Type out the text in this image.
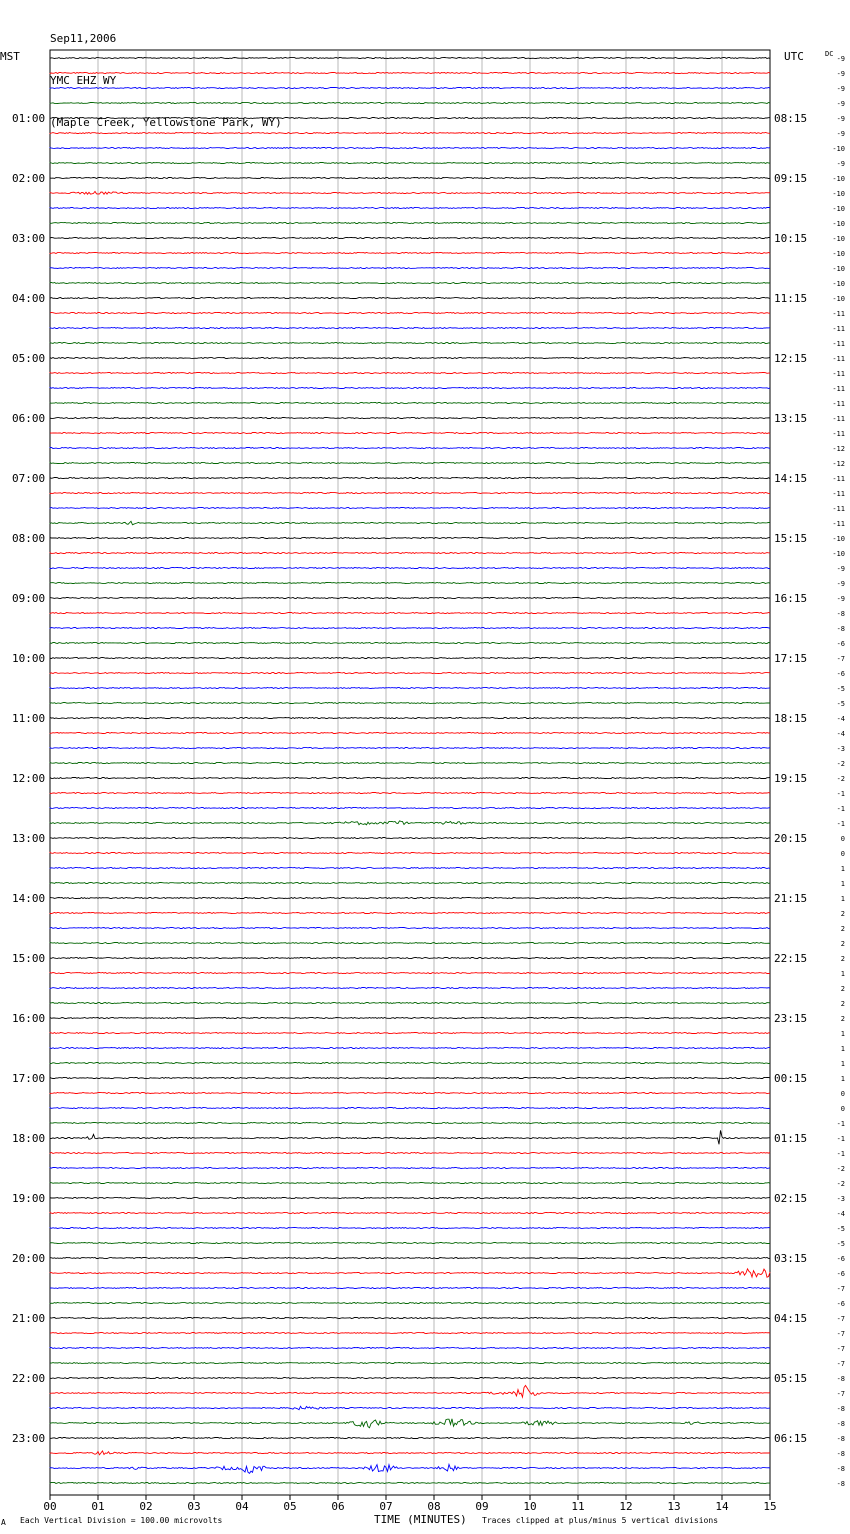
Sep11,2006

YMC EHZ WY

(Maple Creek, Yellowstone Park, WY)

01:00
02:00
03:00
04:00
05:00
06:00
07:00
08:00
09:00
10:00
11:00
12:00
13:00
14:00
15:00
16:00
17:00
18:00
19:00
20:00
21:00
22:00
23:00
08:15
09:15
10:15
11:15
12:15
13:15
14:15
15:15
16:15
17:15
18:15
19:15
20:15
21:15
22:15
23:15
00:15
01:15
02:15
03:15
04:15
05:15
06:15
-9
-9
-9
-9
-9
-9
-10
-9
-10
-10
-10
-10
-10
-10
-10
-10
-10
-11
-11
-11
-11
-11
-11
-11
-11
-11
-12
-12
-11
-11
-11
-11
-10
-10
-9
-9
-9
-8
-8
-6
-7
-6
-5
-5
-4
-4
-3
-2
-2
-1
-1
-1
0
0
1
1
1
2
2
2
2
1
2
2
2
1
1
1
1
0
0
-1
-1
-1
-2
-2
-3
-4
-5
-5
-6
-6
-7
-6
-7
-7
-7
-7
-8
-7
-8
-8
-8
-8
-8
-8
00	01	02	03	04	05	06	07	08	09	10	11	12	13	14	15
MST	UTC	DC
TIME (MINUTES)
A Each Vertical Division = 100.00 microvolts	Traces clipped at plus/minus 5 vertical divisions
